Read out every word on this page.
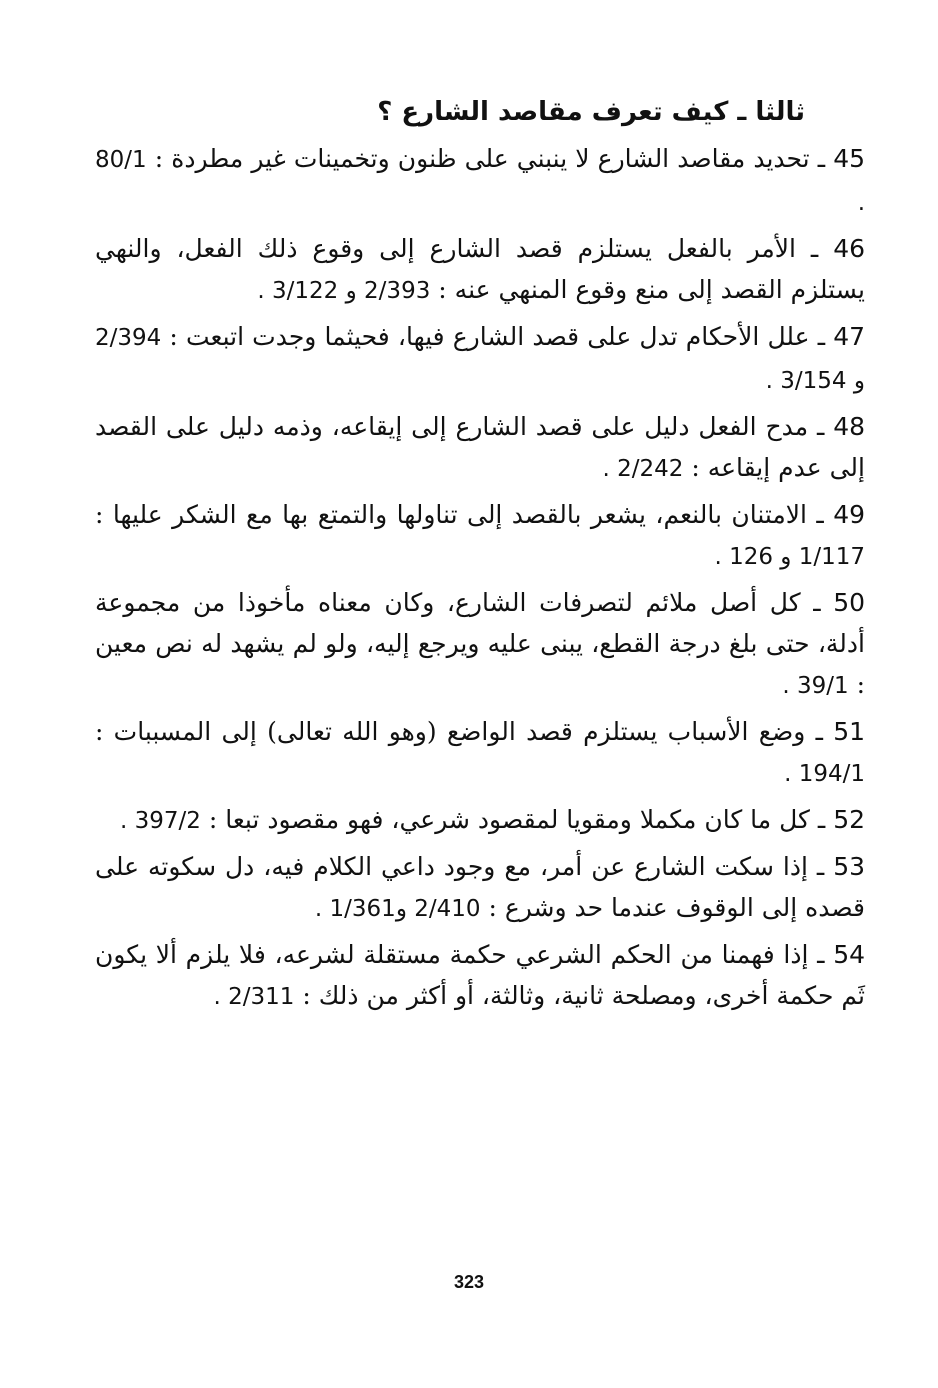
ثالثا ـ كيف تعرف مقاصد الشارع ؟

45 ـ تحديد مقاصد الشارع لا ينبني على ظنون وتخمينات غير مطردة : 80/1 .

46 ـ الأمر بالفعل يستلزم قصد الشارع إلى وقوع ذلك الفعل، والنهي يستلزم القصد إلى منع وقوع المنهي عنه : 2/393 و 3/122 .

47 ـ علل الأحكام تدل على قصد الشارع فيها، فحيثما وجدت اتبعت : 2/394 و 3/154 .

48 ـ مدح الفعل دليل على قصد الشارع إلى إيقاعه، وذمه دليل على القصد إلى عدم إيقاعه : 2/242 .

49 ـ الامتنان بالنعم، يشعر بالقصد إلى تناولها والتمتع بها مع الشكر عليها : 1/117 و 126 .

50 ـ كل أصل ملائم لتصرفات الشارع، وكان معناه مأخوذا من مجموعة أدلة، حتى بلغ درجة القطع، يبنى عليه ويرجع إليه، ولو لم يشهد له نص معين : 39/1 .

51 ـ وضع الأسباب يستلزم قصد الواضع (وهو الله تعالى) إلى المسببات : 194/1 .

52 ـ كل ما كان مكملا ومقويا لمقصود شرعي، فهو مقصود تبعا : 397/2 .

53 ـ إذا سكت الشارع عن أمر، مع وجود داعي الكلام فيه، دل سكوته على قصده إلى الوقوف عندما حد وشرع : 2/410 و1/361 .

54 ـ إذا فهمنا من الحكم الشرعي حكمة مستقلة لشرعه، فلا يلزم ألا يكون ثَم حكمة أخرى، ومصلحة ثانية، وثالثة، أو أكثر من ذلك : 2/311 .

323
